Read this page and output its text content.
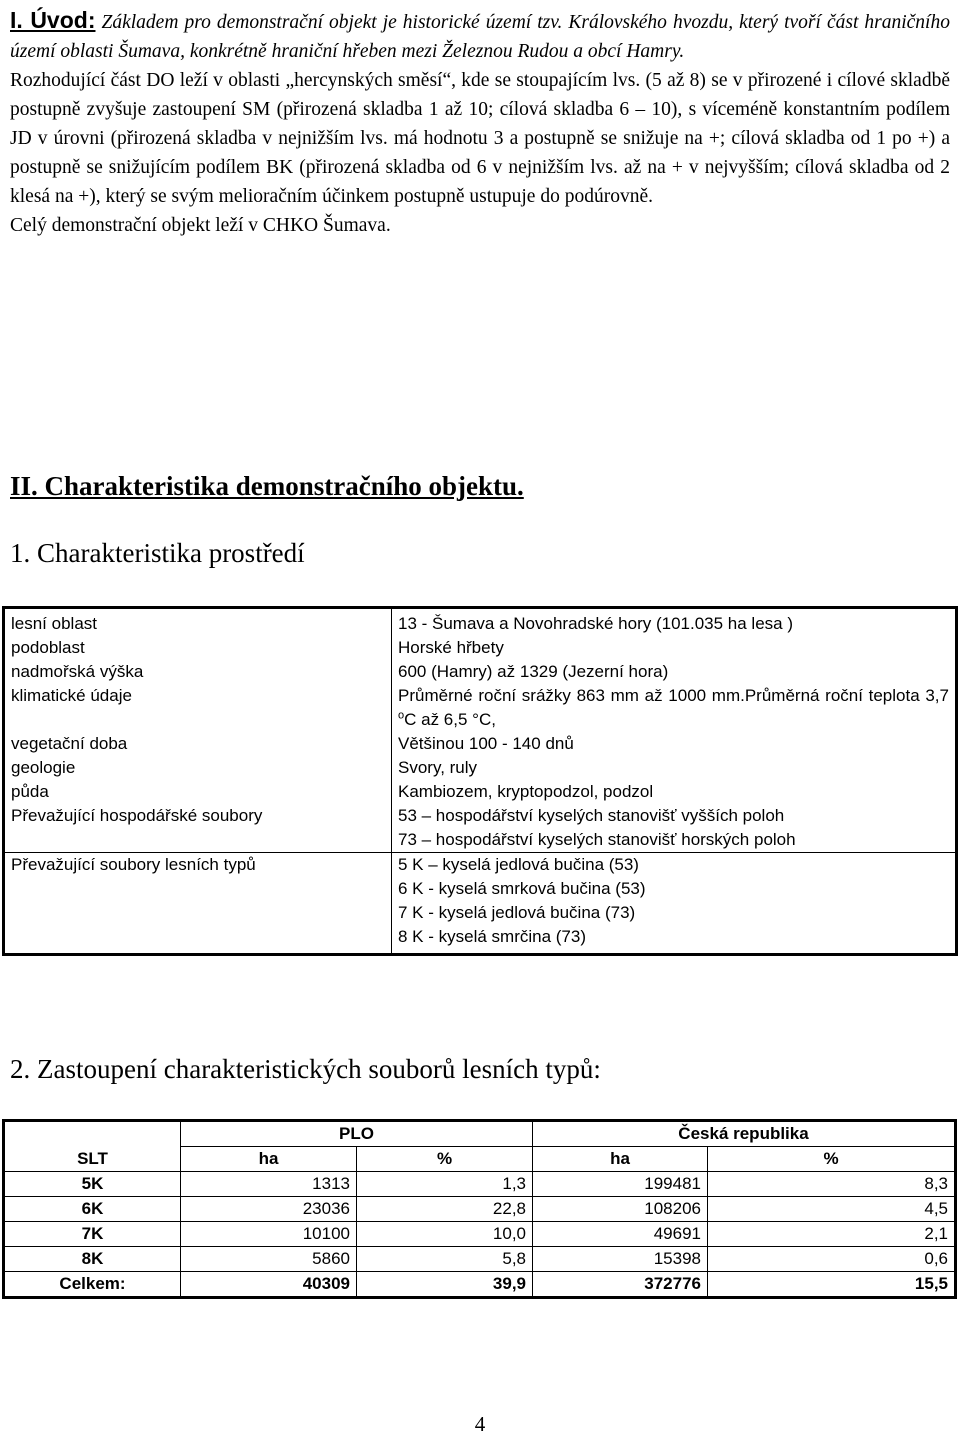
I. Úvod: Základem pro demonstrační objekt je historické území tzv. Královského hvozdu, který tvoří část hraničního území oblasti Šumava, konkrétně hraniční hřeben mezi Železnou Rudou a obcí Hamry.
Rozhodující část DO leží v oblasti „hercynských směsí“, kde se stoupajícím lvs. (5 až 8) se v přirozené i cílové skladbě postupně zvyšuje zastoupení SM (přirozená skladba 1 až 10; cílová skladba 6 – 10), s víceméně konstantním podílem JD v úrovni (přirozená skladba v nejnižším lvs. má hodnotu 3 a postupně se snižuje na +; cílová skladba od 1 po +) a postupně se snižujícím podílem BK (přirozená skladba od 6 v nejnižším lvs. až na + v nejvyšším; cílová skladba od 2 klesá na +), který se svým melioračním účinkem postupně ustupuje do podúrovně.
Celý demonstrační objekt leží v CHKO Šumava.
II. Charakteristika demonstračního objektu.
1. Charakteristika prostředí
lesní oblast	13 - Šumava a Novohradské hory (101.035 ha lesa )
podoblast	Horské hřbety
nadmořská výška	600 (Hamry) až 1329 (Jezerní hora)
klimatické údaje	Průměrné roční srážky 863 mm až 1000 mm.Průměrná roční teplota 3,7 $^o$C až 6,5 °C,
vegetační doba	Většinou 100 - 140 dnů
geologie	Svory, ruly
půda	Kambiozem, kryptopodzol, podzol
Převažující hospodářské soubory	53 – hospodářství kyselých stanovišť vyšších poloh
73 – hospodářství kyselých stanovišť horských poloh

Převažující soubory lesních typů	5 K – kyselá jedlová bučina (53)
6 K - kyselá smrková bučina (53)
7 K - kyselá jedlová bučina (73)
8 K - kyselá smrčina (73)
2. Zastoupení charakteristických souborů lesních typů:
	PLO		Česká republika	
SLT	ha	%	ha	%
5K	1313	1,3	199481	8,3
6K	23036	22,8	108206	4,5
7K	10100	10,0	49691	2,1
8K	5860	5,8	15398	0,6
Celkem:	40309	39,9	372776	15,5
4
